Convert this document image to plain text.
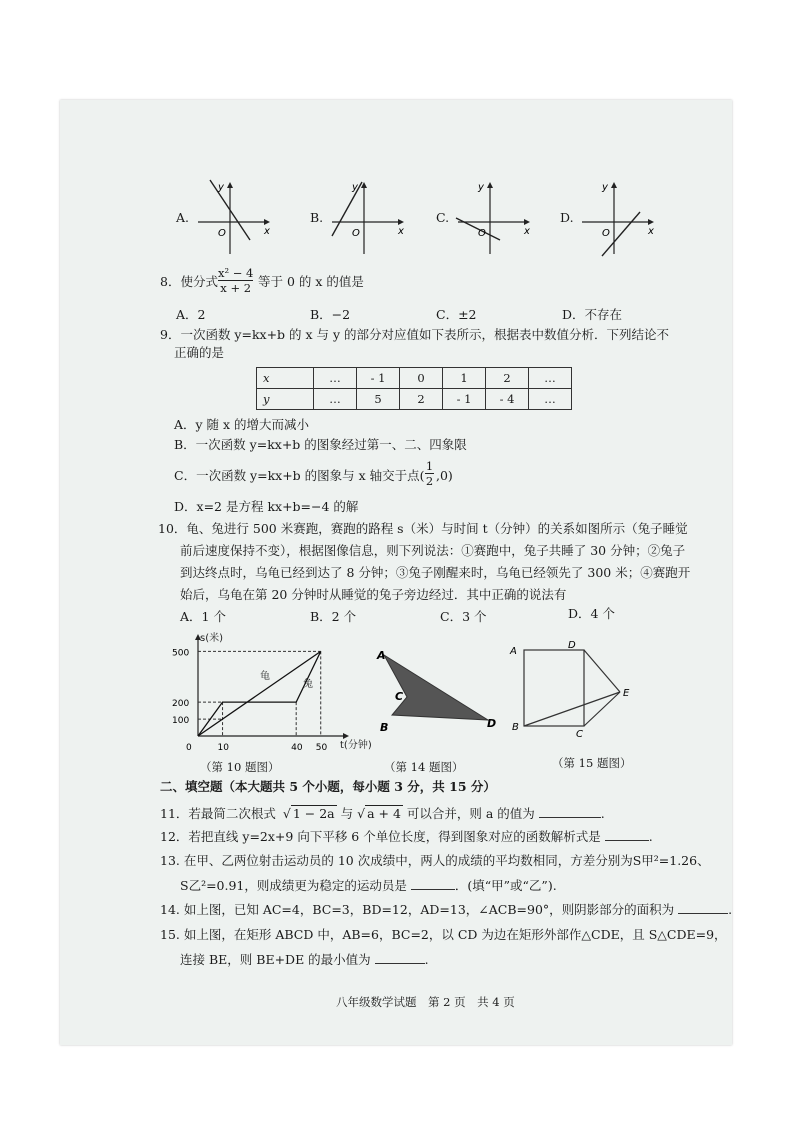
y
O	x
y
O	x
y
O	x
y
O	x
8．使分式
x² − 4
x + 2 等于 0 的 x 的值是
A．2	B．−2	C．±2	D．不存在
9．一次函数 y=kx+b 的 x 与 y 的部分对应值如下表所示，根据表中数值分析．下列结论不
正确的是
x	…	- 1	0	1	2	…
y	…	5	2	- 1	- 4	…
A．y 随 x 的增大而减小
B．一次函数 y=kx+b 的图象经过第一、二、四象限
C．一次函数 y=kx+b 的图象与 x 轴交于点(
1
2 ,0)
D．x=2 是方程 kx+b=−4 的解
10．龟、兔进行 500 米赛跑，赛跑的路程 s（米）与时间 t（分钟）的关系如图所示（兔子睡觉
前后速度保持不变），根据图像信息，则下列说法：①赛跑中，兔子共睡了 30 分钟；②兔子
到达终点时，乌龟已经到达了 8 分钟；③兔子刚醒来时，乌龟已经领先了 300 米；④赛跑开
始后，乌龟在第 20 分钟时从睡觉的兔子旁边经过．其中正确的说法有
A．1 个	B．2 个	C．3 个	D．4 个
s(米)
t(分钟)
龟
兔
500
200
100
0	10	40 50
（第 10 题图）
A
C
B	D
（第 14 题图）
A
D
E
B
C
（第 15 题图）
二、填空题（本大题共 5 个小题，每小题 3 分，共 15 分）
11．若最简二次根式 √ 1 − 2a 与 √ a + 4 可以合并，则 a 的值为	.
12．若把直线 y=2x+9 向下平移 6 个单位长度，得到图象对应的函数解析式是	.
13. 在甲、乙两位射击运动员的 10 次成绩中，两人的成绩的平均数相同，方差分别为S甲²=1.26、
S乙²=0.91，则成绩更为稳定的运动员是	．(填“甲”或“乙”).
14. 如上图，已知 AC=4，BC=3，BD=12，AD=13，∠ACB=90°，则阴影部分的面积为	.
15. 如上图，在矩形 ABCD 中，AB=6，BC=2，以 CD 为边在矩形外部作△CDE，且 S△CDE=9，
连接 BE，则 BE+DE 的最小值为	.
八年级数学试题　第 2 页　共 4 页
A.	B.	C.	D.
